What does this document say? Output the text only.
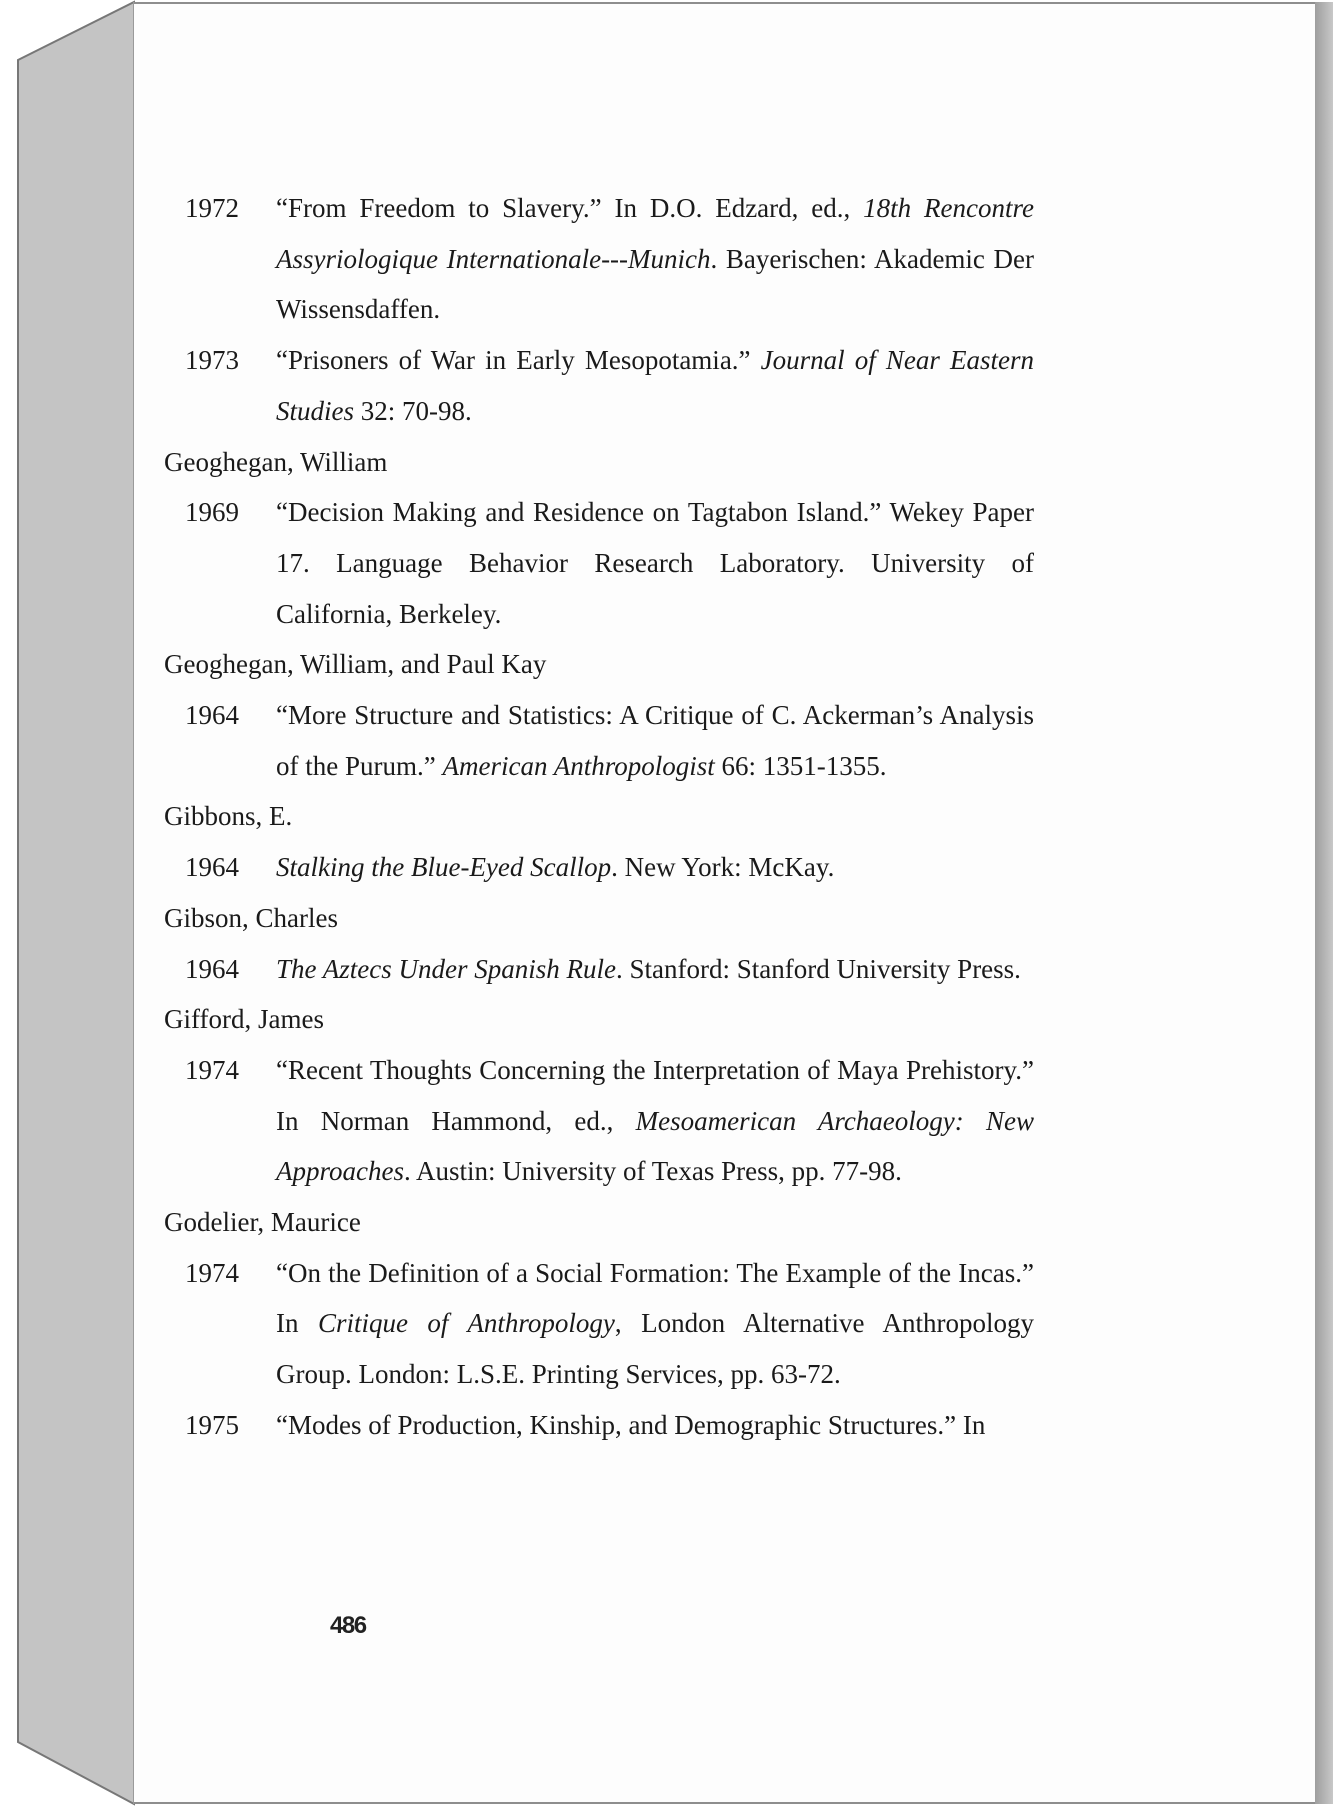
1972	“From Freedom to Slavery.” In D.O. Edzard, ed., 18th Rencontre Assyriologique Internationale---Munich. Bayerischen: Akademic Der Wissensdaffen.
1973	“Prisoners of War in Early Mesopotamia.” Journal of Near Eastern Studies 32: 70-98.
Geoghegan, William
1969	“Decision Making and Residence on Tagtabon Island.” Wekey Paper 17. Language Behavior Research Laboratory. University of California, Berkeley.
Geoghegan, William, and Paul Kay
1964	“More Structure and Statistics: A Critique of C. Ackerman’s Analysis of the Purum.” American Anthropologist 66: 1351-1355.
Gibbons, E.
1964	Stalking the Blue-Eyed Scallop. New York: McKay.
Gibson, Charles
1964	The Aztecs Under Spanish Rule. Stanford: Stanford University Press.
Gifford, James
1974	“Recent Thoughts Concerning the Interpretation of Maya Prehistory.” In Norman Hammond, ed., Mesoamerican Archaeology: New Approaches. Austin: University of Texas Press, pp. 77-98.
Godelier, Maurice
1974	“On the Definition of a Social Formation: The Example of the Incas.” In Critique of Anthropology, London Alternative Anthropology Group. London: L.S.E. Printing Services, pp. 63-72.
1975	“Modes of Production, Kinship, and Demographic Structures.” In
486
